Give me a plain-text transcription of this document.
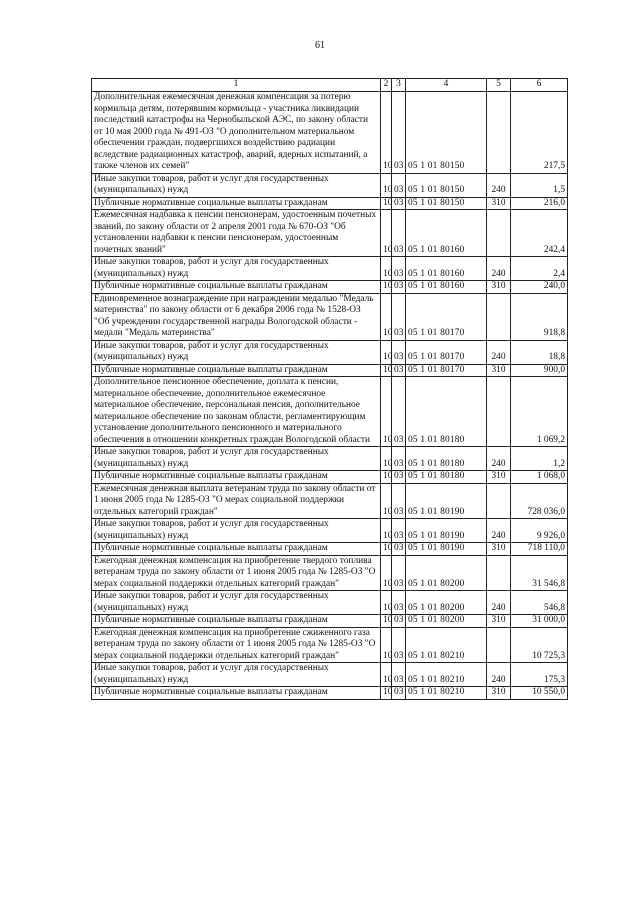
61
1	2	3	4	5	6
Дополнительная ежемесячная денежная компенсация за потерю кормильца детям, потерявшим кормильца - участника ликвидации последствий катастрофы на Чернобыльской АЭС, по закону области от 10 мая 2000 года № 491-ОЗ "О дополнительном материальном обеспечении граждан, подвергшихся воздействию радиации вследствие радиационных катастроф, аварий, ядерных испытаний, а также членов их семей"	10	03	05 1 01 80150		217,5
Иные закупки товаров, работ и услуг для государственных (муниципальных) нужд	10	03	05 1 01 80150	240	1,5
Публичные нормативные социальные выплаты гражданам	10	03	05 1 01 80150	310	216,0
Ежемесячная надбавка к пенсии пенсионерам, удостоенным почетных званий, по закону области от 2 апреля 2001 года № 670-ОЗ "Об установлении надбавки к пенсии пенсионерам, удостоенным почетных званий"	10	03	05 1 01 80160		242,4
Иные закупки товаров, работ и услуг для государственных (муниципальных) нужд	10	03	05 1 01 80160	240	2,4
Публичные нормативные социальные выплаты гражданам	10	03	05 1 01 80160	310	240,0
Единовременное вознаграждение при награждении медалью "Медаль материнства" по закону области от 6 декабря 2006 года № 1528-ОЗ "Об учреждении государственной награды Вологодской области - медали "Медаль материнства"	10	03	05 1 01 80170		918,8
Иные закупки товаров, работ и услуг для государственных (муниципальных) нужд	10	03	05 1 01 80170	240	18,8
Публичные нормативные социальные выплаты гражданам	10	03	05 1 01 80170	310	900,0
Дополнительное пенсионное обеспечение, доплата к пенсии, материальное обеспечение, дополнительное ежемесячное материальное обеспечение, персональная пенсия, дополнительное материальное обеспечение по законам области, регламентирующим установление дополнительного пенсионного и материального обеспечения в отношении конкретных граждан Вологодской области	10	03	05 1 01 80180		1 069,2
Иные закупки товаров, работ и услуг для государственных (муниципальных) нужд	10	03	05 1 01 80180	240	1,2
Публичные нормативные социальные выплаты гражданам	10	03	05 1 01 80180	310	1 068,0
Ежемесячная денежная выплата ветеранам труда по закону области от 1 июня 2005 года № 1285-ОЗ "О мерах социальной поддержки отдельных категорий граждан"	10	03	05 1 01 80190		728 036,0
Иные закупки товаров, работ и услуг для государственных (муниципальных) нужд	10	03	05 1 01 80190	240	9 926,0
Публичные нормативные социальные выплаты гражданам	10	03	05 1 01 80190	310	718 110,0
Ежегодная денежная компенсация на приобретение твердого топлива ветеранам труда по закону области от 1 июня 2005 года № 1285-ОЗ "О мерах социальной поддержки отдельных категорий граждан"	10	03	05 1 01 80200		31 546,8
Иные закупки товаров, работ и услуг для государственных (муниципальных) нужд	10	03	05 1 01 80200	240	546,8
Публичные нормативные социальные выплаты гражданам	10	03	05 1 01 80200	310	31 000,0
Ежегодная денежная компенсация на приобретение сжиженного газа ветеранам труда по закону области от 1 июня 2005 года № 1285-ОЗ "О мерах социальной поддержки отдельных категорий граждан"	10	03	05 1 01 80210		10 725,3
Иные закупки товаров, работ и услуг для государственных (муниципальных) нужд	10	03	05 1 01 80210	240	175,3
Публичные нормативные социальные выплаты гражданам	10	03	05 1 01 80210	310	10 550,0
